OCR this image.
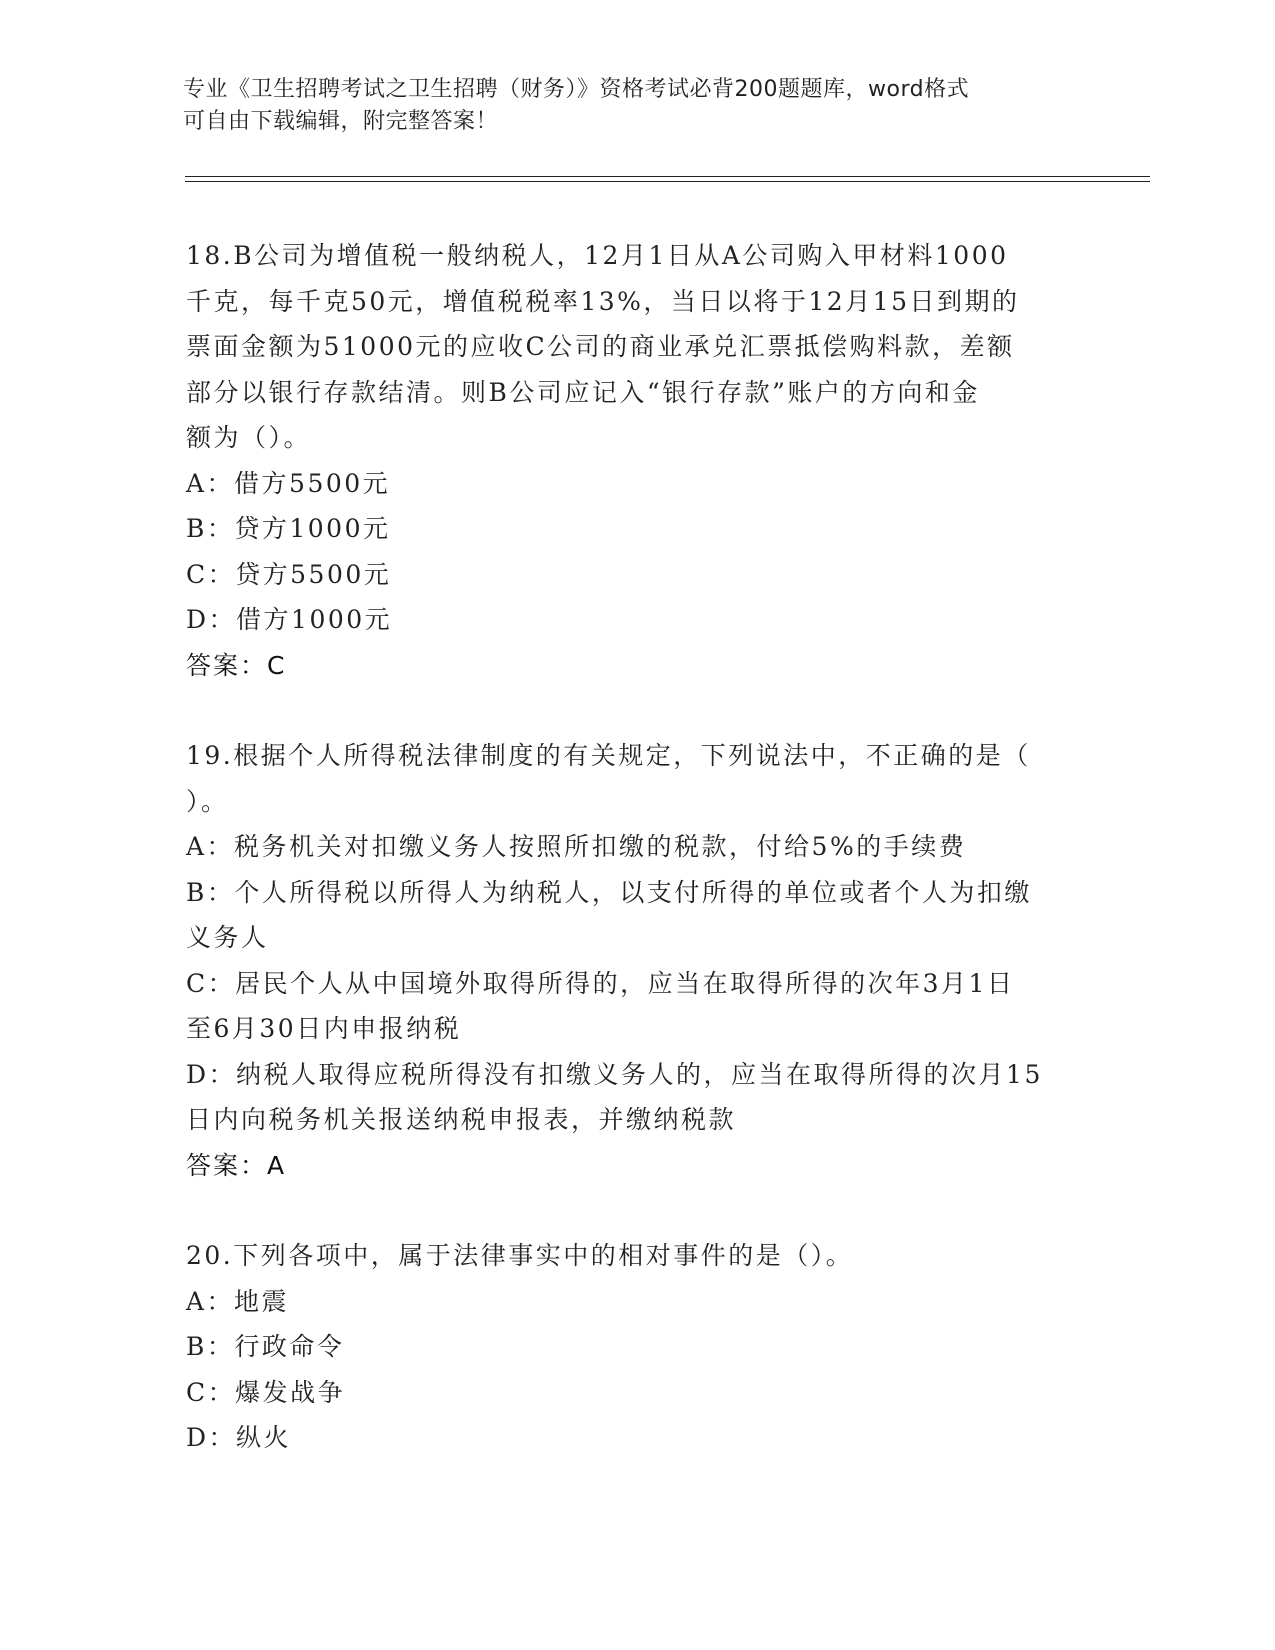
专业《卫生招聘考试之卫生招聘（财务）》资格考试必背200题题库，word格式
可自由下载编辑，附完整答案！

18.B公司为增值税一般纳税人，12月1日从A公司购入甲材料1000

千克，每千克50元，增值税税率13%，当日以将于12月15日到期的

票面金额为51000元的应收C公司的商业承兑汇票抵偿购料款，差额

部分以银行存款结清。则B公司应记入“银行存款”账户的方向和金

额为（）。

A：借方5500元

B：贷方1000元

C：贷方5500元

D：借方1000元

答案：C

19.根据个人所得税法律制度的有关规定，下列说法中，不正确的是（

）。

A：税务机关对扣缴义务人按照所扣缴的税款，付给5%的手续费

B：个人所得税以所得人为纳税人，以支付所得的单位或者个人为扣缴

义务人

C：居民个人从中国境外取得所得的，应当在取得所得的次年3月1日

至6月30日内申报纳税

D：纳税人取得应税所得没有扣缴义务人的，应当在取得所得的次月15

日内向税务机关报送纳税申报表，并缴纳税款

答案：A

20.下列各项中，属于法律事实中的相对事件的是（）。

A：地震

B：行政命令

C：爆发战争

D：纵火
